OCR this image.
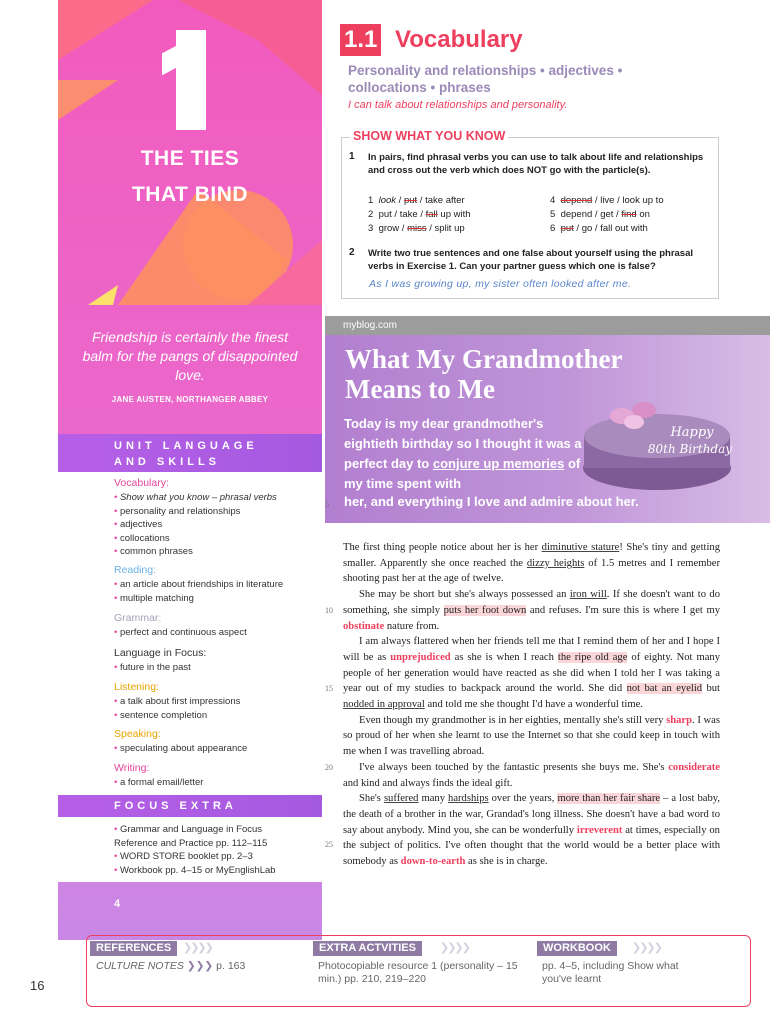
THE TIES
THAT BIND
Friendship is certainly the finest balm for the pangs of disappointed love.
JANE AUSTEN, NORTHANGER ABBEY
UNIT LANGUAGE
AND SKILLS
Vocabulary:
• Show what you know – phrasal verbs
• personality and relationships
• adjectives
• collocations
• common phrases
Reading:
• an article about friendships in literature
• multiple matching
Grammar:
• perfect and continuous aspect
Language in Focus:
• future in the past
Listening:
• a talk about first impressions
• sentence completion
Speaking:
• speculating about appearance
Writing:
• a formal email/letter
FOCUS EXTRA
• Grammar and Language in Focus Reference and Practice pp. 112–115
• WORD STORE booklet pp. 2–3
• Workbook pp. 4–15 or MyEnglishLab
4
1.1 Vocabulary
Personality and relationships • adjectives • collocations • phrases
I can talk about relationships and personality.
SHOW WHAT YOU KNOW
1 In pairs, find phrasal verbs you can use to talk about life and relationships and cross out the verb which does NOT go with the particle(s).
1 look / put / take after
2 put / take / fall up with
3 grow / miss / split up
4 depend / live / look up to
5 depend / get / find on
6 put / go / fall out with
2 Write two true sentences and one false about yourself using the phrasal verbs in Exercise 1. Can your partner guess which one is false?
As I was growing up, my sister often looked after me.
myblog.com
What My Grandmother
Means to Me
Today is my dear grandmother's eightieth birthday so I thought it was a perfect day to conjure up memories of my time spent with
her, and everything I love and admire about her.
Happy
80th Birthday
5
10
15
20
25

The first thing people notice about her is her diminutive stature! She's tiny and getting smaller. Apparently she once reached the dizzy heights of 1.5 metres and I remember shooting past her at the age of twelve.

She may be short but she's always possessed an iron will. If she doesn't want to do something, she simply puts her foot down and refuses. I'm sure this is where I get my obstinate nature from.

I am always flattered when her friends tell me that I remind them of her and I hope I will be as unprejudiced as she is when I reach the ripe old age of eighty. Not many people of her generation would have reacted as she did when I told her I was taking a year out of my studies to backpack around the world. She did not bat an eyelid but nodded in approval and told me she thought I'd have a wonderful time.

Even though my grandmother is in her eighties, mentally she's still very sharp. I was so proud of her when she learnt to use the Internet so that she could keep in touch with me when I was travelling abroad.

I've always been touched by the fantastic presents she buys me. She's considerate and kind and always finds the ideal gift.

She's suffered many hardships over the years, more than her fair share – a lost baby, the death of a brother in the war, Grandad's long illness. She doesn't have a bad word to say about anybody. Mind you, she can be wonderfully irreverent at times, especially on the subject of politics. I've often thought that the world would be a better place with somebody as down-to-earth as she is in charge.

REFERENCES	❯❯❯❯
CULTURE NOTES ❯❯❯ p. 163
EXTRA ACTVITIES	❯❯❯❯
Photocopiable resource 1 (personality – 15 min.) pp. 210, 219–220
WORKBOOK	❯❯❯❯
pp. 4–5, including Show what you've learnt
16
